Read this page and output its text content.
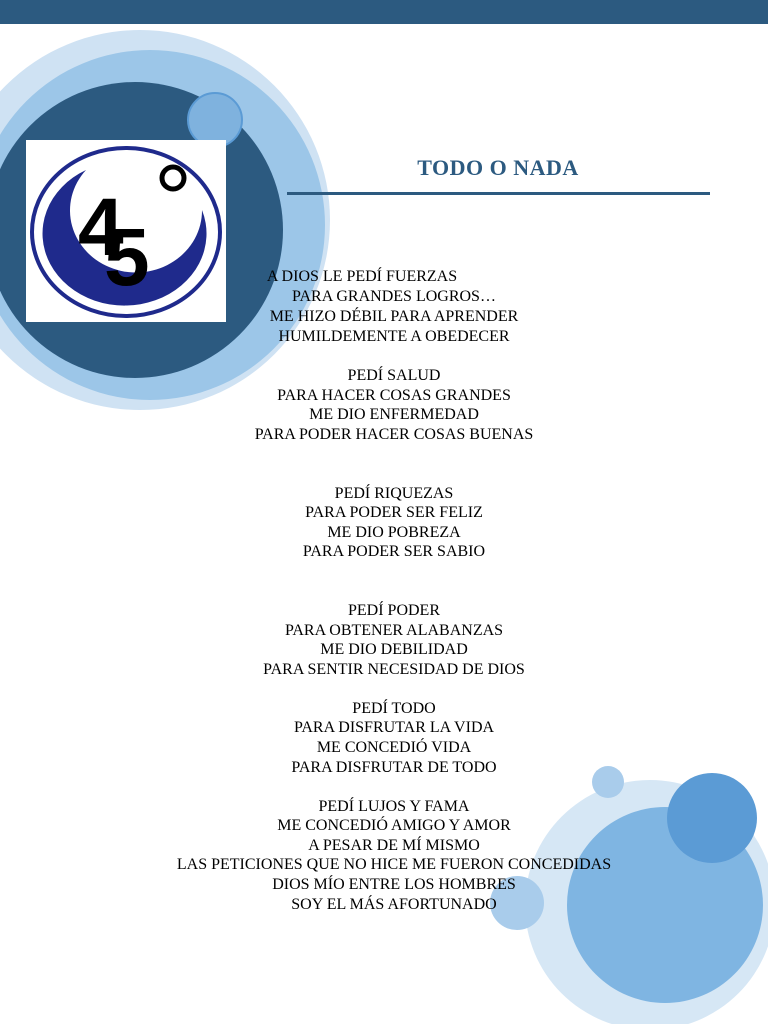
4
5
TODO O NADA
A DIOS LE PEDÍ FUERZAS
PARA GRANDES LOGROS…
ME HIZO DÉBIL PARA APRENDER
HUMILDEMENTE A OBEDECER
PEDÍ SALUD
PARA HACER COSAS GRANDES
ME DIO ENFERMEDAD
PARA PODER HACER COSAS BUENAS
PEDÍ RIQUEZAS
PARA PODER SER FELIZ
ME DIO POBREZA
PARA PODER SER SABIO
PEDÍ PODER
PARA OBTENER ALABANZAS
ME DIO DEBILIDAD
PARA SENTIR NECESIDAD DE DIOS
PEDÍ TODO
PARA DISFRUTAR LA VIDA
ME CONCEDIÓ VIDA
PARA DISFRUTAR DE TODO
PEDÍ LUJOS Y FAMA
ME CONCEDIÓ AMIGO Y AMOR
A PESAR DE MÍ MISMO
LAS PETICIONES QUE NO HICE ME FUERON CONCEDIDAS
DIOS MÍO ENTRE LOS HOMBRES
SOY EL MÁS AFORTUNADO
